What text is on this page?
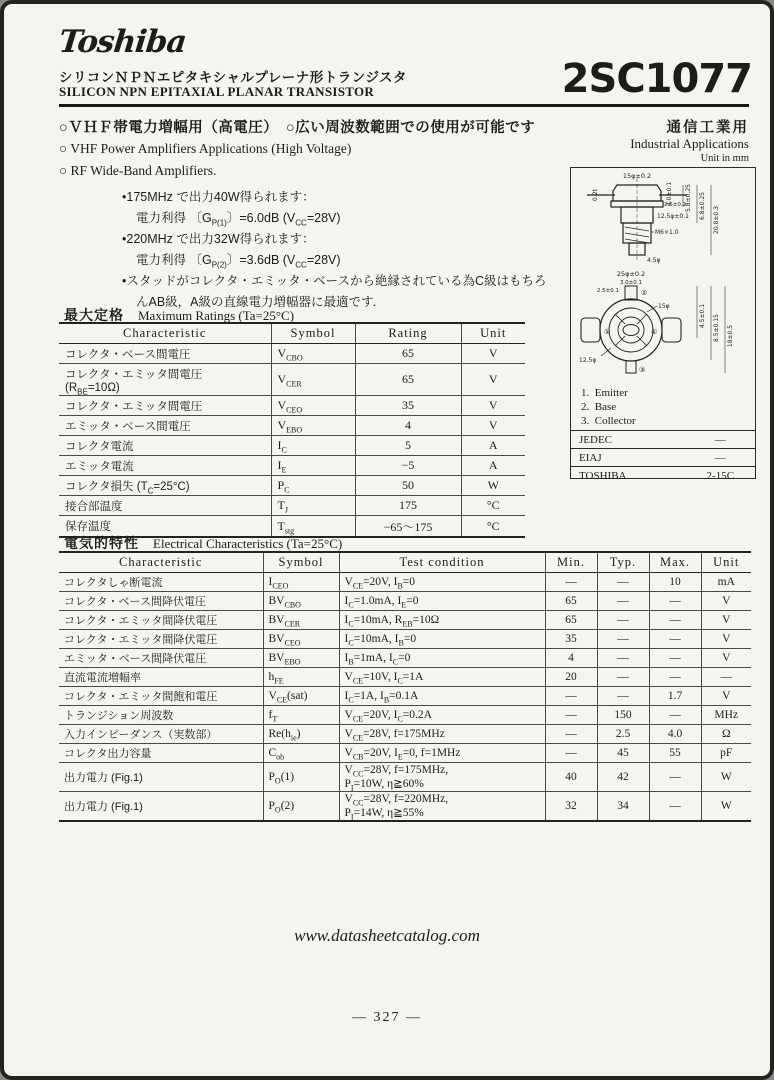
Toshiba
シリコンＮＰＮエピタキシャルプレーナ形トランジスタ
SILICON NPN EPITAXIAL PLANAR TRANSISTOR	2SC1077
○ＶＨＦ帯電力増幅用（高電圧）　○広い周波数範囲での使用が可能です
○ VHF Power Amplifiers Applications (High Voltage)
○ RF Wide-Band Amplifiers.
•175MHz で出力40W得られます：
電力利得 〔$G_{P(1)}$〕=6.0dB $(V_{CC}=28V)$
•220MHz で出力32W得られます：
電力利得 〔$G_{P(2)}$〕=3.6dB $(V_{CC}=28V)$
•スタッドがコレクタ・エミッタ・ベースから絶縁されている為C級はもちろ
んAB級，A級の直線電力増幅器に最適です．
通信工業用
Industrial Applications
Unit in mm
15φ±0.2
0.2t	4.0±0.1
2.6±0.2
5.8±0.25 6.8±0.25
20.8±0.3
12.5φ±0.1
M6×1.0
4.5φ
25φ±0.2
3.0±0.1
2.5±0.1	②
①	①
③
15φ
12.5φ
4.5±0.1 8.5±0.15 18±0.5
1. Emitter
2. Base
3. Collector
JEDEC	—
EIAJ	—
TOSHIBA	2-15C
最大定格 Maximum Ratings (Ta=25°C)
Characteristic	Symbol	Rating	Unit
コレクタ・ベース間電圧	$V_{CBO}$	65	V
コレクタ・エミッタ間電圧
$(R_{BE}=10\Omega)$	$V_{CER}$	65	V
コレクタ・エミッタ間電圧	$V_{CEO}$	35	V
エミッタ・ベース間電圧	$V_{EBO}$	4	V
コレクタ電流	$I_C$	5	A
エミッタ電流	$I_E$	−5	A
コレクタ損失 $(T_C=25^\circ C)$	$P_C$	50	W
接合部温度	$T_J$	175	°C
保存温度	$T_{stg}$	−65～175	°C
電気的特性 Electrical Characteristics (Ta=25°C)
Characteristic	Symbol	Test condition	Min.	Typ.	Max.	Unit
コレクタしゃ断電流	$I_{CEO}$	$V_{CE}=20V$, $I_B=0$	—	—	10	mA
コレクタ・ベース間降伏電圧	$BV_{CBO}$	$I_C=1.0mA$, $I_E=0$	65	—	—	V
コレクタ・エミッタ間降伏電圧	$BV_{CER}$	$I_C=10mA$, $R_{EB}=10\Omega$	65	—	—	V
コレクタ・エミッタ間降伏電圧	$BV_{CEO}$	$I_C=10mA$, $I_B=0$	35	—	—	V
エミッタ・ベース間降伏電圧	$BV_{EBO}$	$I_B=1mA$, $I_C=0$	4	—	—	V
直流電流増幅率	$h_{FE}$	$V_{CE}=10V$, $I_C=1A$	20	—	—	—
コレクタ・エミッタ間飽和電圧	$V_{CE}(sat)$	$I_C=1A$, $I_B=0.1A$	—	—	1.7	V
トランジション周波数	$f_T$	$V_{CE}=20V$, $I_C=0.2A$	—	150	—	MHz
入力インピーダンス（実数部）	$Re(h_{ie})$	$V_{CE}=28V$, f=175MHz	—	2.5	4.0	Ω
コレクタ出力容量	$C_{ob}$	$V_{CB}=20V$, $I_E=0$, f=1MHz	—	45	55	pF
出力電力 (Fig.1)	$P_O(1)$	$V_{CC}=28V$, f=175MHz,
$P_I=10W$, η≧60%	40	42	—	W
出力電力 (Fig.1)	$P_O(2)$	$V_{CC}=28V$, f=220MHz,
$P_I=14W$, η≧55%	32	34	—	W
www.datasheetcatalog.com
— 327 —
